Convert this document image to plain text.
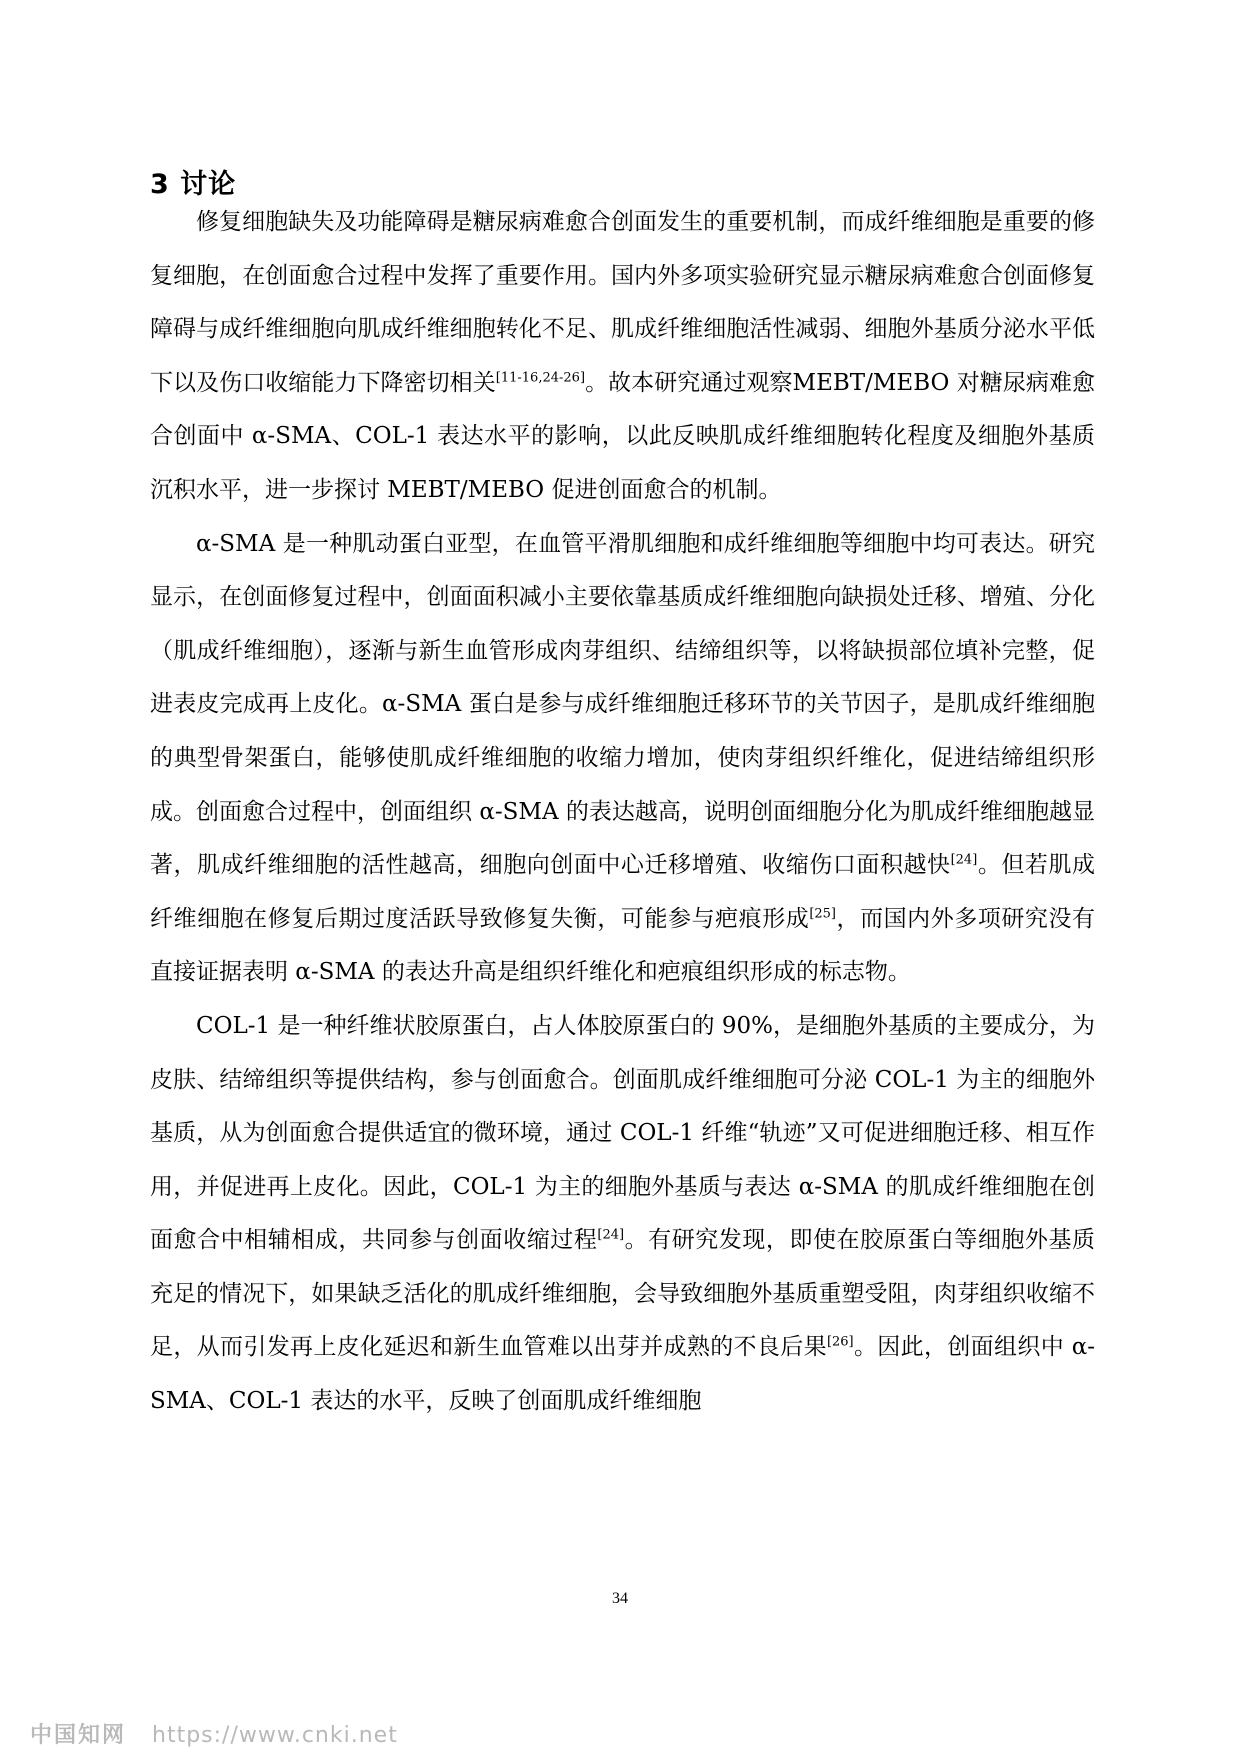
3 讨论

修复细胞缺失及功能障碍是糖尿病难愈合创面发生的重要机制，而成纤维细胞是重要的修复细胞，在创面愈合过程中发挥了重要作用。国内外多项实验研究显示糖尿病难愈合创面修复障碍与成纤维细胞向肌成纤维细胞转化不足、肌成纤维细胞活性减弱、细胞外基质分泌水平低下以及伤口收缩能力下降密切相关[11-16,24-26]。故本研究通过观察MEBT/MEBO 对糖尿病难愈合创面中 α-SMA、COL-1 表达水平的影响，以此反映肌成纤维细胞转化程度及细胞外基质沉积水平，进一步探讨 MEBT/MEBO 促进创面愈合的机制。

α-SMA 是一种肌动蛋白亚型，在血管平滑肌细胞和成纤维细胞等细胞中均可表达。研究显示，在创面修复过程中，创面面积减小主要依靠基质成纤维细胞向缺损处迁移、增殖、分化（肌成纤维细胞），逐渐与新生血管形成肉芽组织、结缔组织等，以将缺损部位填补完整，促进表皮完成再上皮化。α-SMA 蛋白是参与成纤维细胞迁移环节的关节因子，是肌成纤维细胞的典型骨架蛋白，能够使肌成纤维细胞的收缩力增加，使肉芽组织纤维化，促进结缔组织形成。创面愈合过程中，创面组织 α-SMA 的表达越高，说明创面细胞分化为肌成纤维细胞越显著，肌成纤维细胞的活性越高，细胞向创面中心迁移增殖、收缩伤口面积越快[24]。但若肌成纤维细胞在修复后期过度活跃导致修复失衡，可能参与疤痕形成[25]，而国内外多项研究没有直接证据表明 α-SMA 的表达升高是组织纤维化和疤痕组织形成的标志物。

COL-1 是一种纤维状胶原蛋白，占人体胶原蛋白的 90%，是细胞外基质的主要成分，为皮肤、结缔组织等提供结构，参与创面愈合。创面肌成纤维细胞可分泌 COL-1 为主的细胞外基质，从为创面愈合提供适宜的微环境，通过 COL-1 纤维“轨迹”又可促进细胞迁移、相互作用，并促进再上皮化。因此，COL-1 为主的细胞外基质与表达 α-SMA 的肌成纤维细胞在创面愈合中相辅相成，共同参与创面收缩过程[24]。有研究发现，即使在胶原蛋白等细胞外基质充足的情况下，如果缺乏活化的肌成纤维细胞，会导致细胞外基质重塑受阻，肉芽组织收缩不足，从而引发再上皮化延迟和新生血管难以出芽并成熟的不良后果[26]。因此，创面组织中 α-SMA、COL-1 表达的水平，反映了创面肌成纤维细胞

34
中国知网 https://www.cnki.net
